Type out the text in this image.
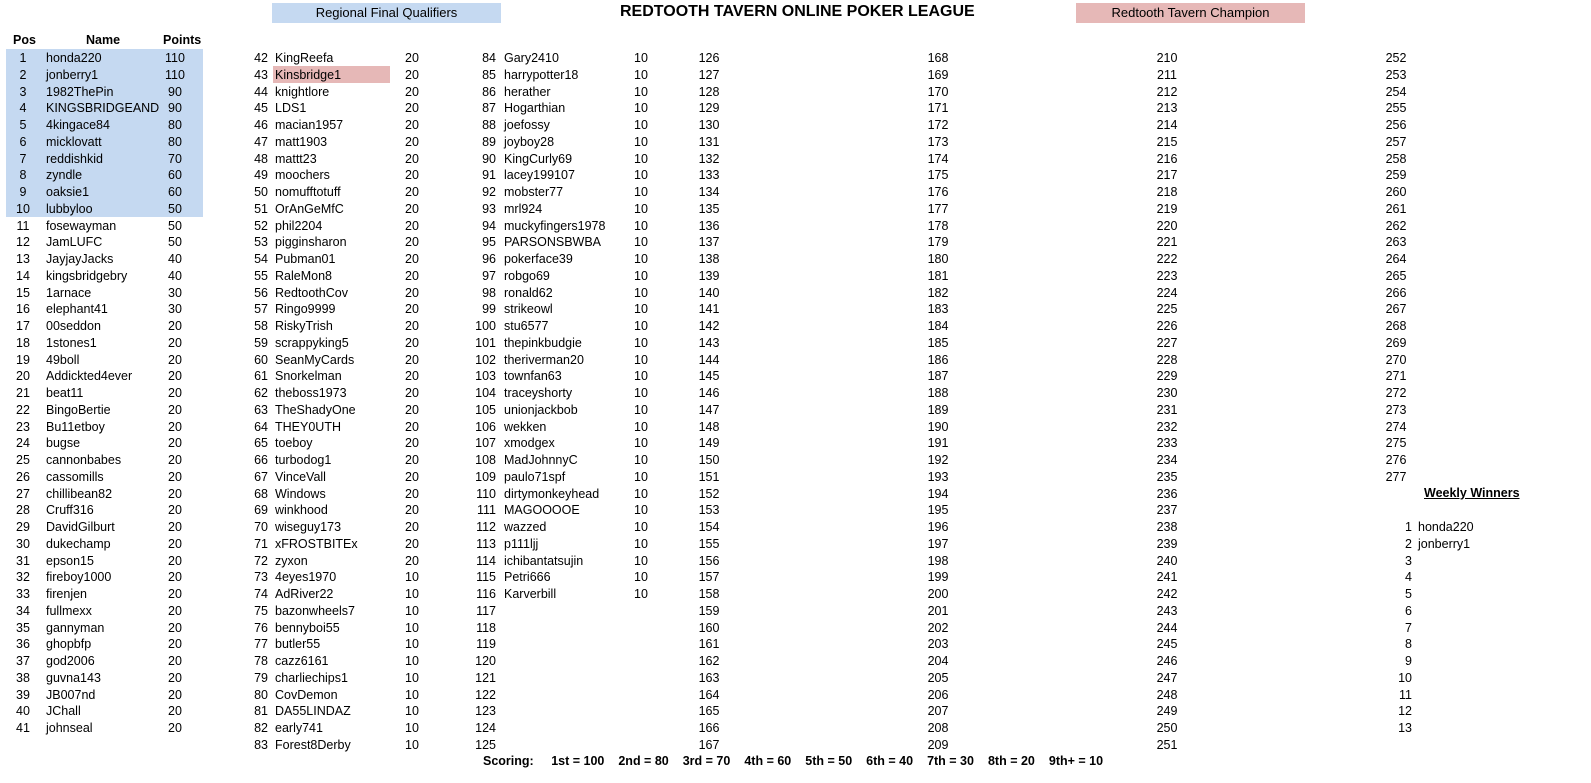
Regional Final Qualifiers	REDTOOTH TAVERN ONLINE POKER LEAGUE	Redtooth Tavern Champion
Pos	Name	Points
1	honda220	110
2	jonberry1	110
3	1982ThePin	90
4	KINGSBRIDGEAND 90
5	4kingace84	80
6	micklovatt	80
7	reddishkid	70
8	zyndle	60
9	oaksie1	60
10	lubbyloo	50
11	fosewayman	50
12	JamLUFC	50
13	JayjayJacks	40
14	kingsbridgebry	40
15	1arnace	30
16	elephant41	30
17	00seddon	20
18	1stones1	20
19	49boll	20
20	Addickted4ever	20
21	beat11	20
22	BingoBertie	20
23	Bu11etboy	20
24	bugse	20
25	cannonbabes	20
26	cassomills	20
27	chillibean82	20
28	Cruff316	20
29	DavidGilburt	20
30	dukechamp	20
31	epson15	20
32	fireboy1000	20
33	firenjen	20
34	fullmexx	20
35	gannyman	20
36	ghopbfp	20
37	god2006	20
38	guvna143	20
39	JB007nd	20
40	JChall	20
41	johnseal	20
42 KingReefa	20
43 Kinsbridge1	20
44 knightlore	20
45 LDS1	20
46 macian1957	20
47 matt1903	20
48 mattt23	20
49 moochers	20
50 nomufftotuff	20
51 OrAnGeMfC	20
52 phil2204	20
53 pigginsharon	20
54 Pubman01	20
55 RaleMon8	20
56 RedtoothCov	20
57 Ringo9999	20
58 RiskyTrish	20
59 scrappyking5	20
60 SeanMyCards	20
61 Snorkelman	20
62 theboss1973	20
63 TheShadyOne	20
64 THEY0UTH	20
65 toeboy	20
66 turbodog1	20
67 VinceVall	20
68 Windows	20
69 winkhood	20
70 wiseguy173	20
71 xFROSTBITEx	20
72 zyxon	20
73 4eyes1970	10
74 AdRiver22	10
75 bazonwheels7	10
76 bennyboi55	10
77 butler55	10
78 cazz6161	10
79 charliechips1	10
80 CovDemon	10
81 DA55LINDAZ	10
82 early741	10
83 Forest8Derby	10
84 Gary2410	10
85 harrypotter18	10
86 herather	10
87 Hogarthian	10
88 joefossy	10
89 joyboy28	10
90 KingCurly69	10
91 lacey199107	10
92 mobster77	10
93 mrl924	10
94 muckyfingers1978	10
95 PARSONSBWBA	10
96 pokerface39	10
97 robgo69	10
98 ronald62	10
99 strikeowl	10
100 stu6577	10
101 thepinkbudgie	10
102 theriverman20	10
103 townfan63	10
104 traceyshorty	10
105 unionjackbob	10
106 wekken	10
107 xmodgex	10
108 MadJohnnyC	10
109 paulo71spf	10
110 dirtymonkeyhead	10
111 MAGOOOOE	10
112 wazzed	10
113 p111ljj	10
114 ichibantatsujin	10
115 Petri666	10
116 Karverbill	10
117
118
119
120
121
122
123
124
125
126
127
128
129
130
131
132
133
134
135
136
137
138
139
140
141
142
143
144
145
146
147
148
149
150
151
152
153
154
155
156
157
158
159
160
161
162
163
164
165
166
167
168
169
170
171
172
173
174
175
176
177
178
179
180
181
182
183
184
185
186
187
188
189
190
191
192
193
194
195
196
197
198
199
200
201
202
203
204
205
206
207
208
209
210
211
212
213
214
215
216
217
218
219
220
221
222
223
224
225
226
227
228
229
230
231
232
233
234
235
236
237
238
239
240
241
242
243
244
245
246
247
248
249
250
251
252
253
254
255
256
257
258
259
260
261
262
263
264
265
266
267
268
269
270
271
272
273
274
275
276
277
Weekly Winners
1 honda220
2 jonberry1
3
4
5
6
7
8
9
10
11
12
13
Scoring: 1st = 100 2nd = 80 3rd = 70 4th = 60 5th = 50 6th = 40 7th = 30 8th = 20 9th+ = 10
